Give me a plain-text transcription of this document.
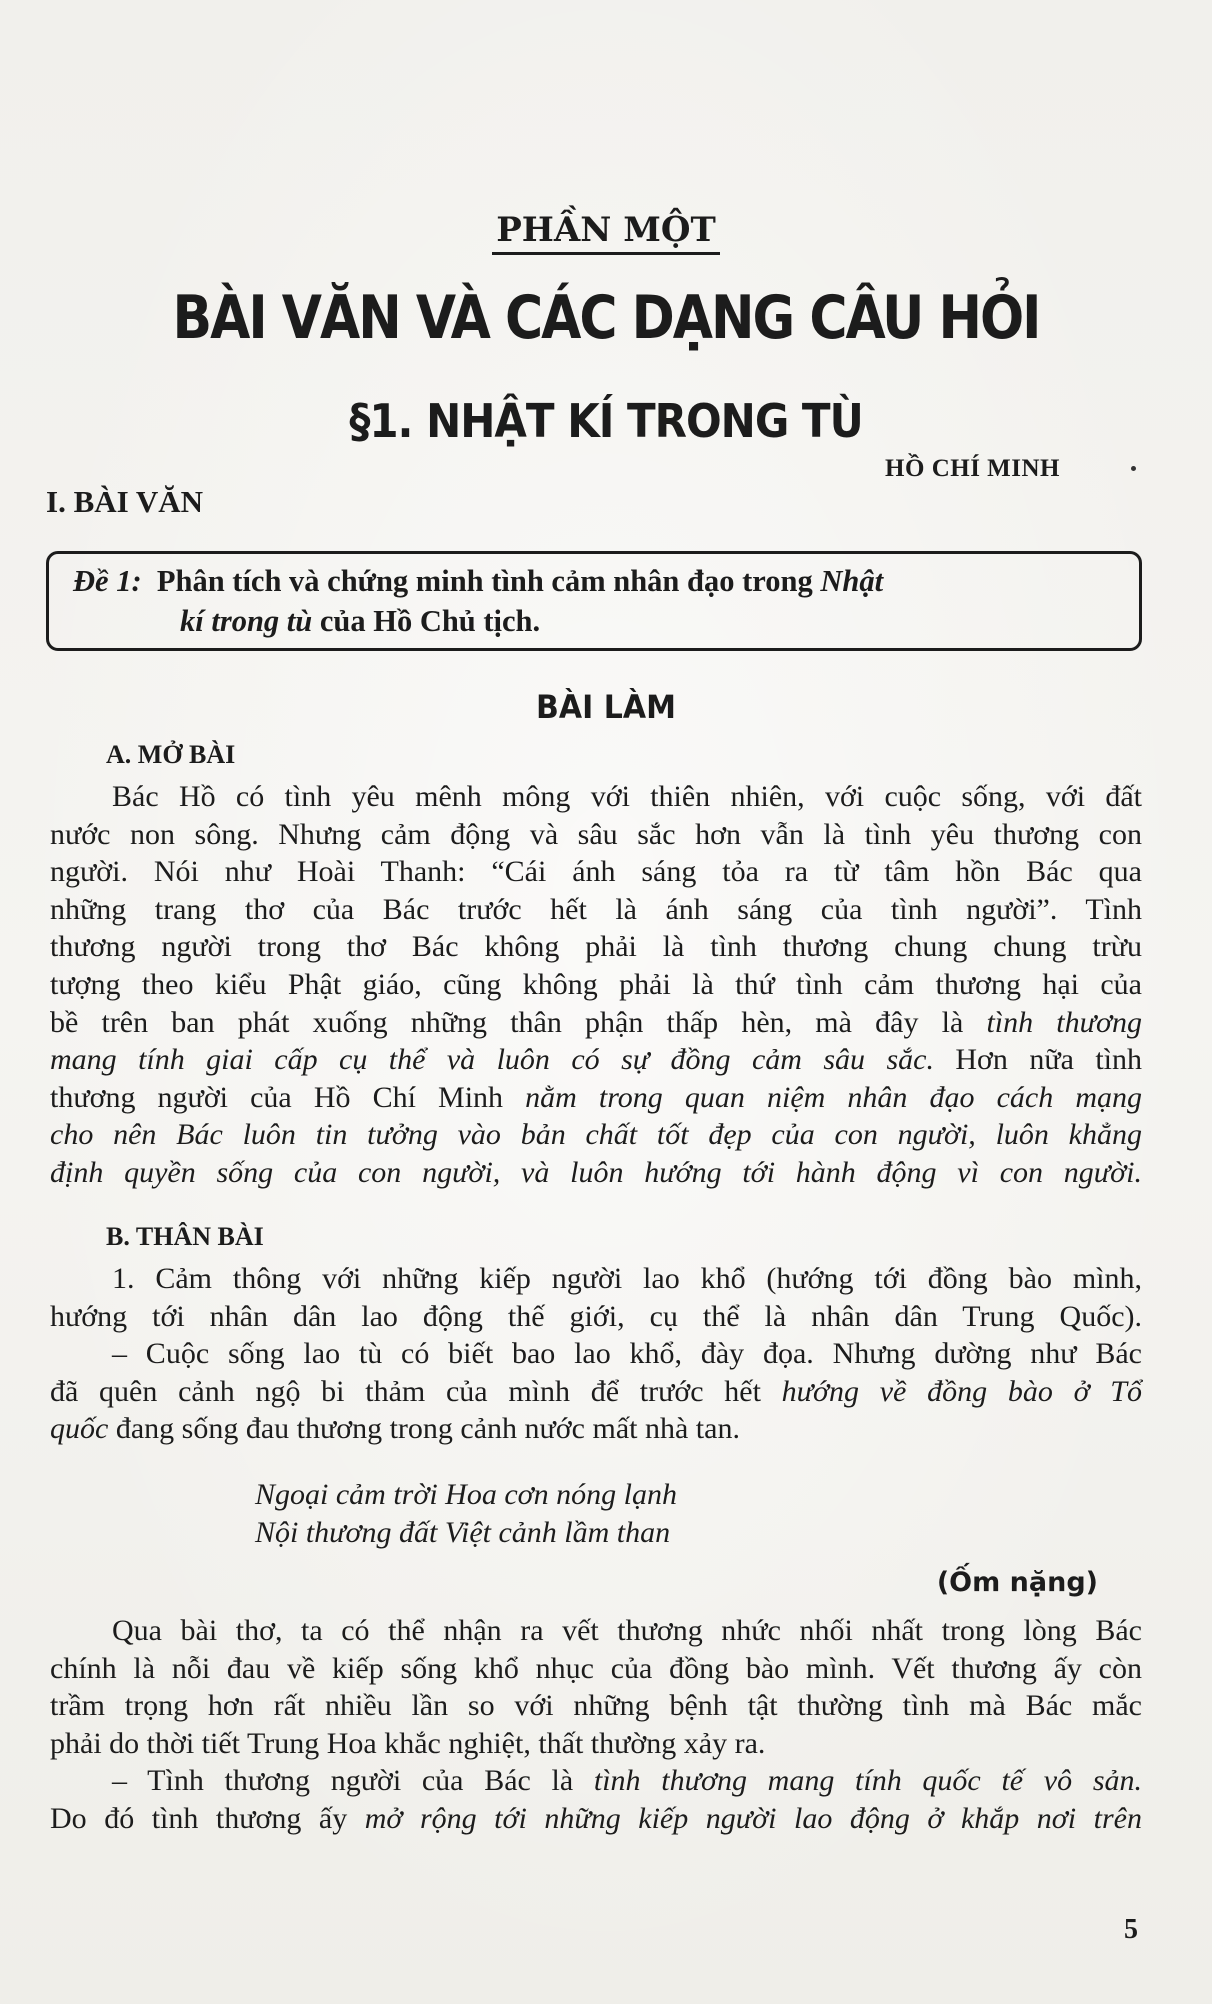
PHẦN MỘT
BÀI VĂN VÀ CÁC DẠNG CÂU HỎI
§1. NHẬT KÍ TRONG TÙ
HỒ CHÍ MINH
I. BÀI VĂN
Đề 1: Phân tích và chứng minh tình cảm nhân đạo trong Nhật
kí trong tù của Hồ Chủ tịch.
BÀI LÀM
A. MỞ BÀI
Bác Hồ có tình yêu mênh mông với thiên nhiên, với cuộc sống, với đất
nước non sông. Nhưng cảm động và sâu sắc hơn vẫn là tình yêu thương con
người. Nói như Hoài Thanh: “Cái ánh sáng tỏa ra từ tâm hồn Bác qua
những trang thơ của Bác trước hết là ánh sáng của tình người”. Tình
thương người trong thơ Bác không phải là tình thương chung chung trừu
tượng theo kiểu Phật giáo, cũng không phải là thứ tình cảm thương hại của
bề trên ban phát xuống những thân phận thấp hèn, mà đây là tình thương
mang tính giai cấp cụ thể và luôn có sự đồng cảm sâu sắc. Hơn nữa tình
thương người của Hồ Chí Minh nằm trong quan niệm nhân đạo cách mạng
cho nên Bác luôn tin tưởng vào bản chất tốt đẹp của con người, luôn khẳng
định quyền sống của con người, và luôn hướng tới hành động vì con người.
B. THÂN BÀI
1. Cảm thông với những kiếp người lao khổ (hướng tới đồng bào mình,
hướng tới nhân dân lao động thế giới, cụ thể là nhân dân Trung Quốc).
– Cuộc sống lao tù có biết bao lao khổ, đày đọa. Nhưng dường như Bác
đã quên cảnh ngộ bi thảm của mình để trước hết hướng về đồng bào ở Tổ
quốc đang sống đau thương trong cảnh nước mất nhà tan.
Ngoại cảm trời Hoa cơn nóng lạnh
Nội thương đất Việt cảnh lầm than
(Ốm nặng)
Qua bài thơ, ta có thể nhận ra vết thương nhức nhối nhất trong lòng Bác
chính là nỗi đau về kiếp sống khổ nhục của đồng bào mình. Vết thương ấy còn
trầm trọng hơn rất nhiều lần so với những bệnh tật thường tình mà Bác mắc
phải do thời tiết Trung Hoa khắc nghiệt, thất thường xảy ra.
– Tình thương người của Bác là tình thương mang tính quốc tế vô sản.
Do đó tình thương ấy mở rộng tới những kiếp người lao động ở khắp nơi trên
5
